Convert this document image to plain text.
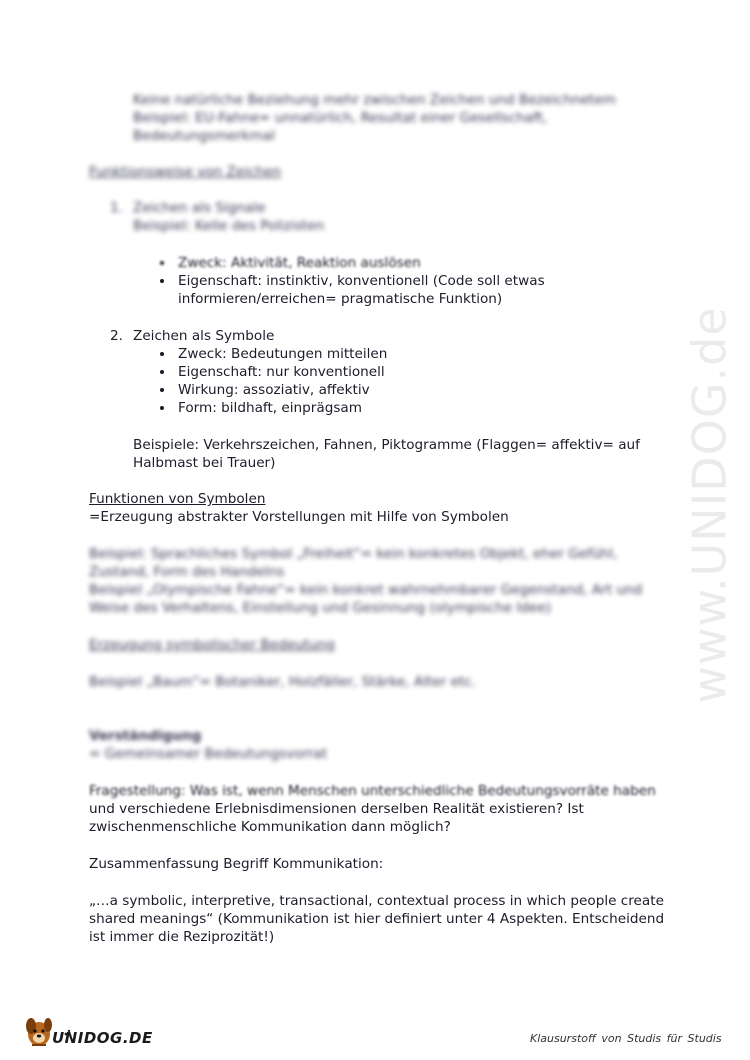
www.UNIDOG.de
Keine natürliche Beziehung mehr zwischen Zeichen und Bezeichnetem
Beispiel: EU-Fahne= unnatürlich, Resultat einer Gesellschaft,
Bedeutungsmerkmal
Funktionsweise von Zeichen
1. Zeichen als Signale
Beispiel: Kelle des Polizisten
Zweck: Aktivität, Reaktion auslösen
Eigenschaft: instinktiv, konventionell (Code soll etwas
informieren/erreichen= pragmatische Funktion)
2. Zeichen als Symbole
Zweck: Bedeutungen mitteilen
Eigenschaft: nur konventionell
Wirkung: assoziativ, affektiv
Form: bildhaft, einprägsam
Beispiele: Verkehrszeichen, Fahnen, Piktogramme (Flaggen= affektiv= auf
Halbmast bei Trauer)
Funktionen von Symbolen
=Erzeugung abstrakter Vorstellungen mit Hilfe von Symbolen
Beispiel: Sprachliches Symbol „Freiheit“= kein konkretes Objekt, eher Gefühl,
Zustand, Form des Handelns
Beispiel „Olympische Fahne“= kein konkret wahrnehmbarer Gegenstand, Art und
Weise des Verhaltens, Einstellung und Gesinnung (olympische Idee)
Erzeugung symbolischer Bedeutung
Beispiel „Baum“= Botaniker, Holzfäller, Stärke, Alter etc.
Verständigung
= Gemeinsamer Bedeutungsvorrat
Fragestellung: Was ist, wenn Menschen unterschiedliche Bedeutungsvorräte haben
und verschiedene Erlebnisdimensionen derselben Realität existieren? Ist
zwischenmenschliche Kommunikation dann möglich?
Zusammenfassung Begriff Kommunikation:
„…a symbolic, interpretive, transactional, contextual process in which people create
shared meanings“ (Kommunikation ist hier definiert unter 4 Aspekten. Entscheidend
ist immer die Reziprozität!)
UNIDOG.DE	Klausurstoff von Studis für Studis
